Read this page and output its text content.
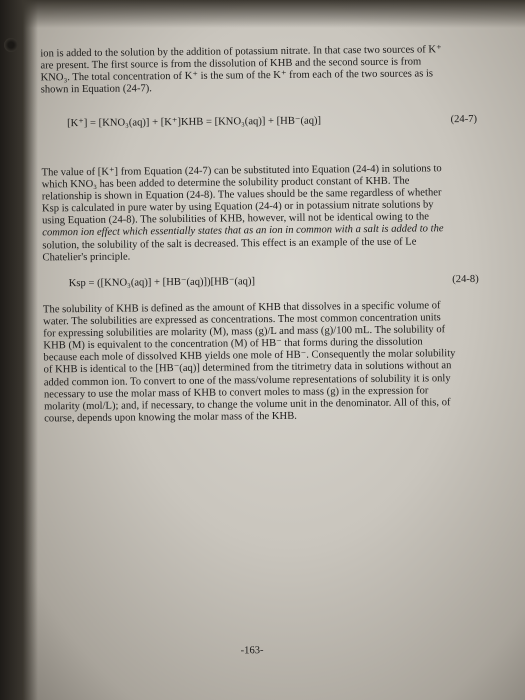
ion is added to the solution by the addition of potassium nitrate. In that case two sources of K⁺
are present. The first source is from the dissolution of KHB and the second source is from
KNO₃. The total concentration of K⁺ is the sum of the K⁺ from each of the two sources as is
shown in Equation (24-7).
[K⁺] = [KNO₃(aq)] + [K⁺]KHB = [KNO₃(aq)] + [HB⁻(aq)]	(24-7)
The value of [K⁺] from Equation (24-7) can be substituted into Equation (24-4) in solutions to
which KNO₃ has been added to determine the solubility product constant of KHB. The
relationship is shown in Equation (24-8). The values should be the same regardless of whether
Ksp is calculated in pure water by using Equation (24-4) or in potassium nitrate solutions by
using Equation (24-8). The solubilities of KHB, however, will not be identical owing to the
common ion effect which essentially states that as an ion in common with a salt is added to the
solution, the solubility of the salt is decreased. This effect is an example of the use of Le
Chatelier's principle.
Ksp = ([KNO₃(aq)] + [HB⁻(aq)])[HB⁻(aq)]	(24-8)
The solubility of KHB is defined as the amount of KHB that dissolves in a specific volume of
water. The solubilities are expressed as concentrations. The most common concentration units
for expressing solubilities are molarity (M), mass (g)/L and mass (g)/100 mL. The solubility of
KHB (M) is equivalent to the concentration (M) of HB⁻ that forms during the dissolution
because each mole of dissolved KHB yields one mole of HB⁻. Consequently the molar solubility
of KHB is identical to the [HB⁻(aq)] determined from the titrimetry data in solutions without an
added common ion. To convert to one of the mass/volume representations of solubility it is only
necessary to use the molar mass of KHB to convert moles to mass (g) in the expression for
molarity (mol/L); and, if necessary, to change the volume unit in the denominator. All of this, of
course, depends upon knowing the molar mass of the KHB.
-163-
